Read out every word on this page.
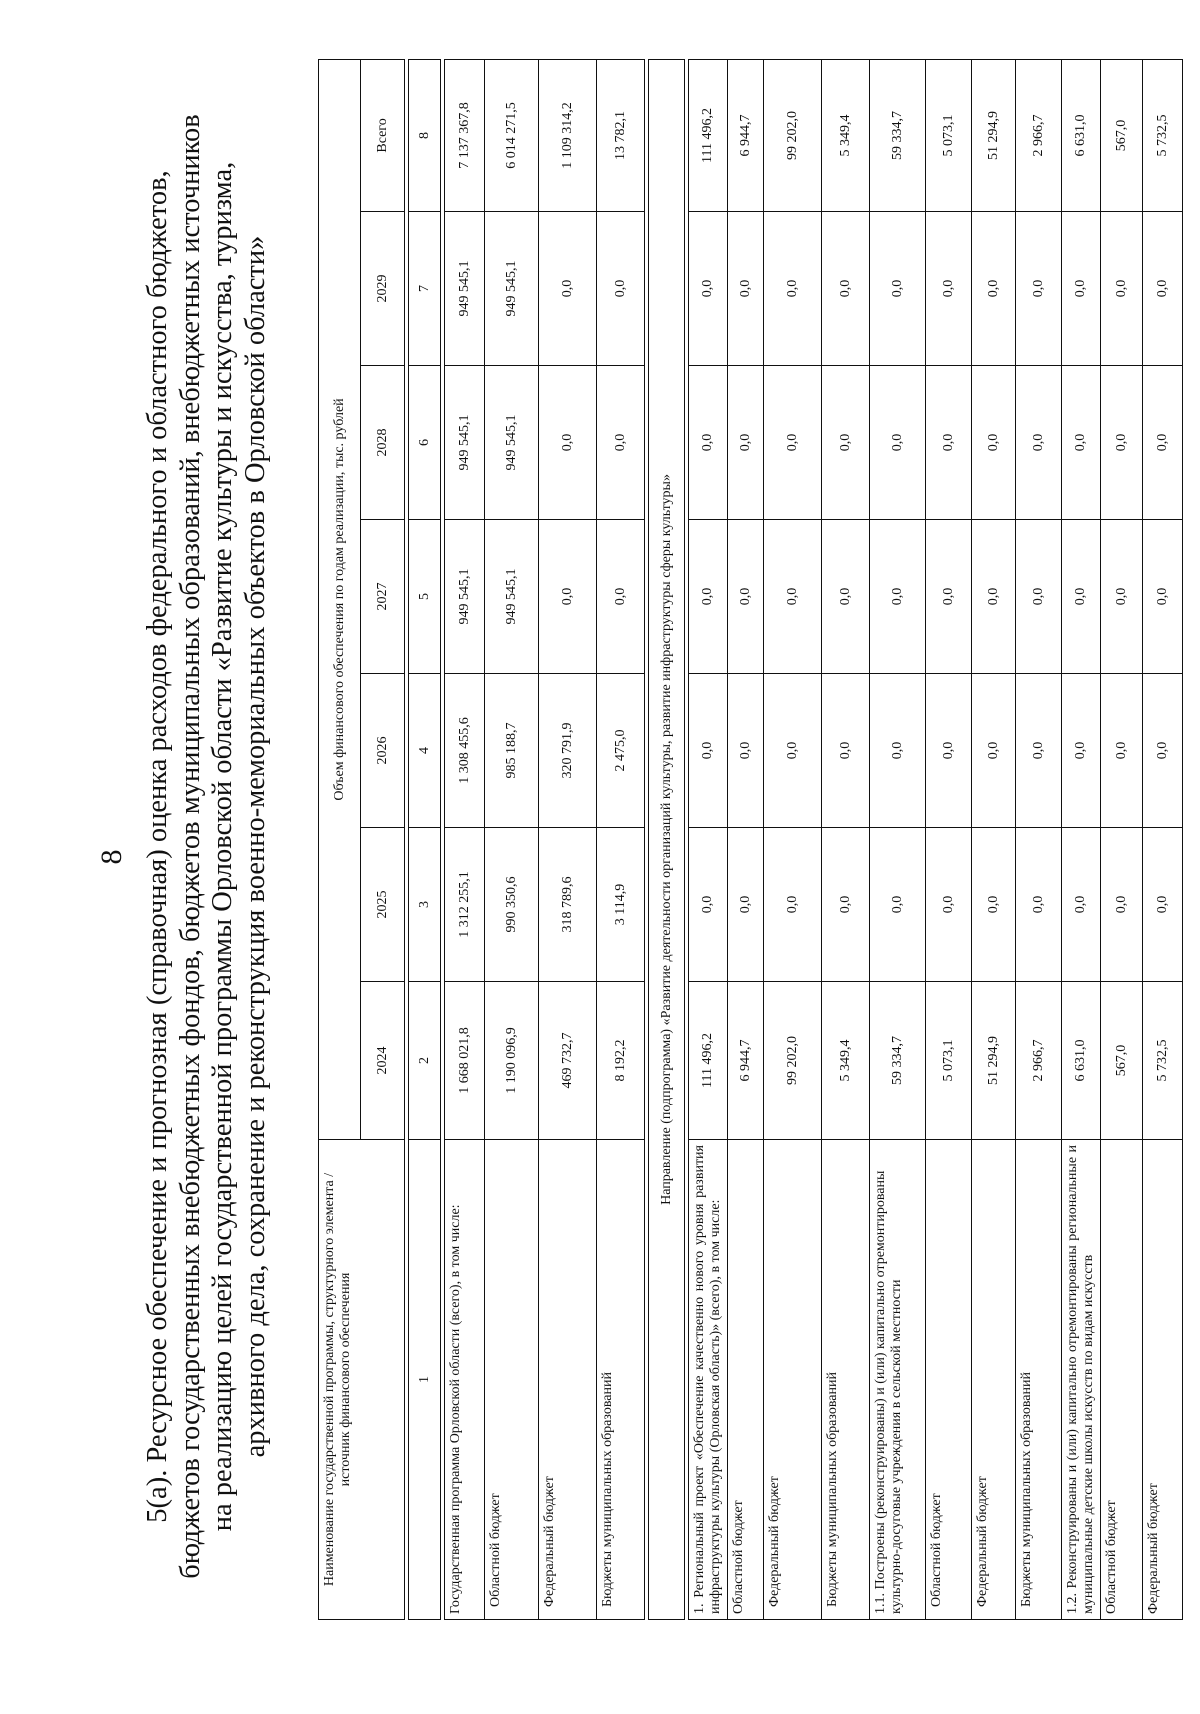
8 5(а). Ресурсное обеспечение и прогнозная (справочная) оценка расходов федерального и областного бюджетов, бюджетов государственных внебюджетных фондов, бюджетов муниципальных образований, внебюджетных источников на реализацию целей государственной программы Орловской области «Развитие культуры и искусства, туризма, архивного дела, сохранение и реконструкция военно-мемориальных объектов в Орловской области»	Наименование государственной программы, структурного элемента / источник финансового обеспечения	Объем финансового обеспечения по годам реализации, тыс. рублей						
	2024	2025	2026	2027	2028	2029	Всего

1	2	3	4	5	6	7	8

Государственная программа Орловской области (всего), в том числе:	1 668 021,8	1 312 255,1	1 308 455,6	949 545,1	949 545,1	949 545,1	7 137 367,8
Областной бюджет	1 190 096,9	990 350,6	985 188,7	949 545,1	949 545,1	949 545,1	6 014 271,5
Федеральный бюджет	469 732,7	318 789,6	320 791,9	0,0	0,0	0,0	1 109 314,2
Бюджеты муниципальных образований	8 192,2	3 114,9	2 475,0	0,0	0,0	0,0	13 782,1

Направление (подпрограмма) «Развитие деятельности организаций культуры, развитие инфраструктуры сферы культуры»							

1. Региональный проект «Обеспечение качественно нового уровня развития инфраструктуры культуры (Орловская область)» (всего), в том числе:	111 496,2	0,0	0,0	0,0	0,0	0,0	111 496,2
Областной бюджет	6 944,7	0,0	0,0	0,0	0,0	0,0	6 944,7
Федеральный бюджет	99 202,0	0,0	0,0	0,0	0,0	0,0	99 202,0
Бюджеты муниципальных образований	5 349,4	0,0	0,0	0,0	0,0	0,0	5 349,4
1.1. Построены (реконструированы) и (или) капитально отремонтированы культурно-досуговые учреждения в сельской местности	59 334,7	0,0	0,0	0,0	0,0	0,0	59 334,7
Областной бюджет	5 073,1	0,0	0,0	0,0	0,0	0,0	5 073,1
Федеральный бюджет	51 294,9	0,0	0,0	0,0	0,0	0,0	51 294,9
Бюджеты муниципальных образований	2 966,7	0,0	0,0	0,0	0,0	0,0	2 966,7
1.2. Реконструированы и (или) капитально отремонтированы региональные и муниципальные детские школы искусств по видам искусств	6 631,0	0,0	0,0	0,0	0,0	0,0	6 631,0
Областной бюджет	567,0	0,0	0,0	0,0	0,0	0,0	567,0
Федеральный бюджет	5 732,5	0,0	0,0	0,0	0,0	0,0	5 732,5
